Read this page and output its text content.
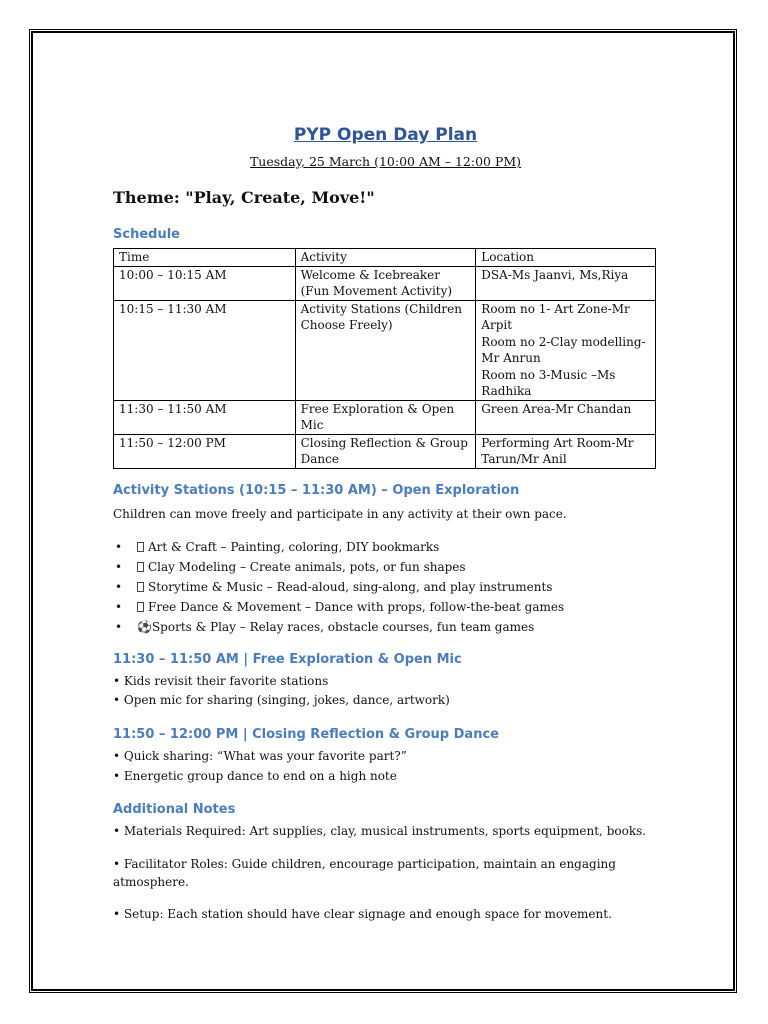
PYP Open Day Plan
Tuesday, 25 March (10:00 AM – 12:00 PM)
Theme: "Play, Create, Move!"
Schedule
Time	Activity	Location
10:00 – 10:15 AM	Welcome & Icebreaker (Fun Movement Activity)	DSA-Ms Jaanvi, Ms,Riya

10:15 – 11:30 AM	Activity Stations (Children Choose Freely)	Room no 1- Art Zone-Mr Arpit
Room no 2-Clay modelling-Mr Anrun
Room no 3-Music –Ms Radhika

11:30 – 11:50 AM	Free Exploration & Open Mic	Green Area-Mr Chandan

11:50 – 12:00 PM	Closing Reflection & Group Dance	Performing Art Room-Mr Tarun/Mr Anil
Activity Stations (10:15 – 11:30 AM) – Open Exploration
Children can move freely and participate in any activity at their own pace.
• Art & Craft – Painting, coloring, DIY bookmarks
• Clay Modeling – Create animals, pots, or fun shapes
• Storytime & Music – Read-aloud, sing-along, and play instruments
• Free Dance & Movement – Dance with props, follow-the-beat games
• ⚽Sports & Play – Relay races, obstacle courses, fun team games
11:30 – 11:50 AM | Free Exploration & Open Mic
• Kids revisit their favorite stations
• Open mic for sharing (singing, jokes, dance, artwork)
11:50 – 12:00 PM | Closing Reflection & Group Dance
• Quick sharing: “What was your favorite part?”
• Energetic group dance to end on a high note
Additional Notes
• Materials Required: Art supplies, clay, musical instruments, sports equipment, books.
• Facilitator Roles: Guide children, encourage participation, maintain an engaging atmosphere.
• Setup: Each station should have clear signage and enough space for movement.
